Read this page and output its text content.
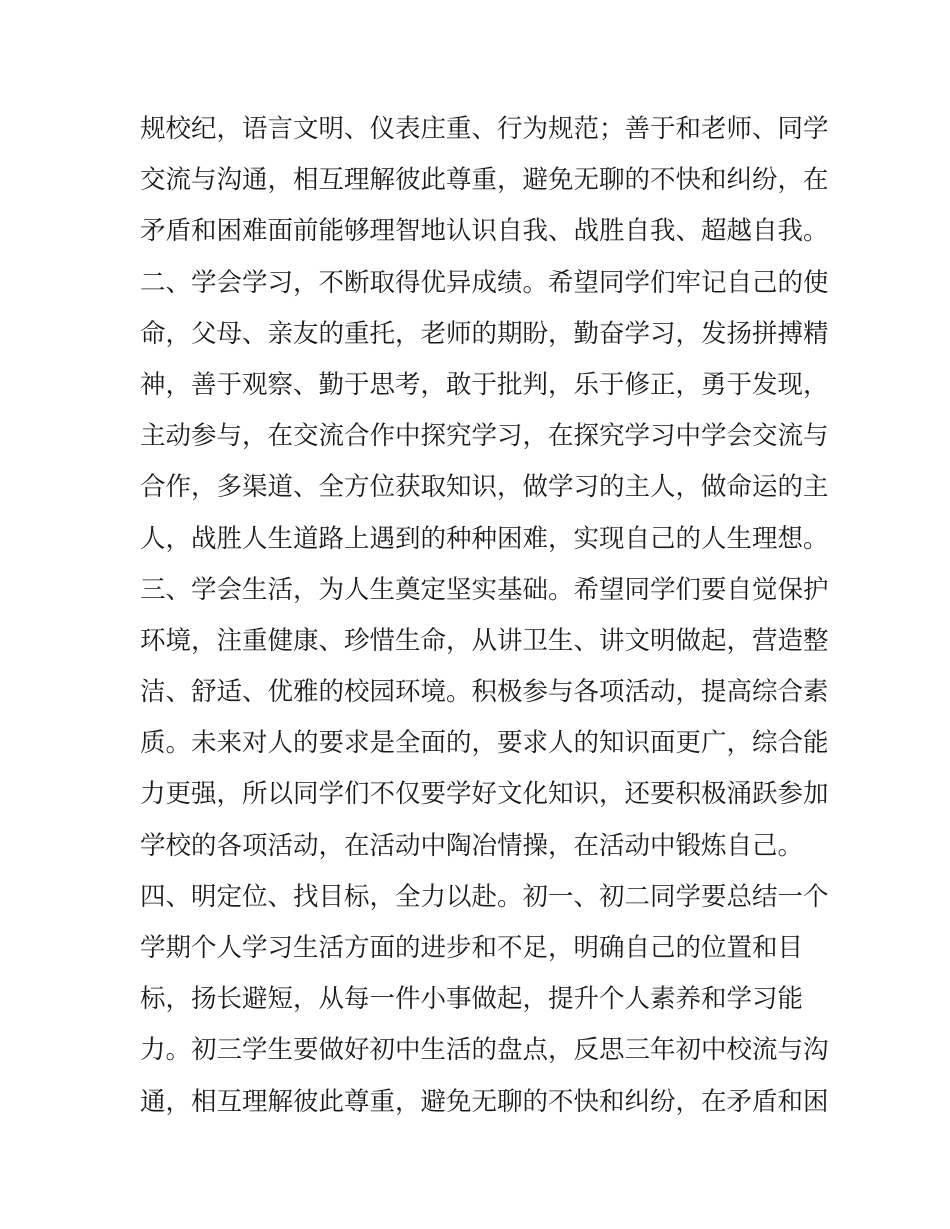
规校纪，语言文明、仪表庄重、行为规范；善于和老师、同学
交流与沟通，相互理解彼此尊重，避免无聊的不快和纠纷，在
矛盾和困难面前能够理智地认识自我、战胜自我、超越自我。
二、学会学习，不断取得优异成绩。希望同学们牢记自己的使
命，父母、亲友的重托，老师的期盼，勤奋学习，发扬拼搏精
神，善于观察、勤于思考，敢于批判，乐于修正，勇于发现，
主动参与，在交流合作中探究学习，在探究学习中学会交流与
合作，多渠道、全方位获取知识，做学习的主人，做命运的主
人，战胜人生道路上遇到的种种困难，实现自己的人生理想。
三、学会生活，为人生奠定坚实基础。希望同学们要自觉保护
环境，注重健康、珍惜生命，从讲卫生、讲文明做起，营造整
洁、舒适、优雅的校园环境。积极参与各项活动，提高综合素
质。未来对人的要求是全面的，要求人的知识面更广，综合能
力更强，所以同学们不仅要学好文化知识，还要积极涌跃参加
学校的各项活动，在活动中陶冶情操，在活动中锻炼自己。
四、明定位、找目标，全力以赴。初一、初二同学要总结一个
学期个人学习生活方面的进步和不足，明确自己的位置和目
标，扬长避短，从每一件小事做起，提升个人素养和学习能
力。初三学生要做好初中生活的盘点，反思三年初中校流与沟
通，相互理解彼此尊重，避免无聊的不快和纠纷，在矛盾和困
